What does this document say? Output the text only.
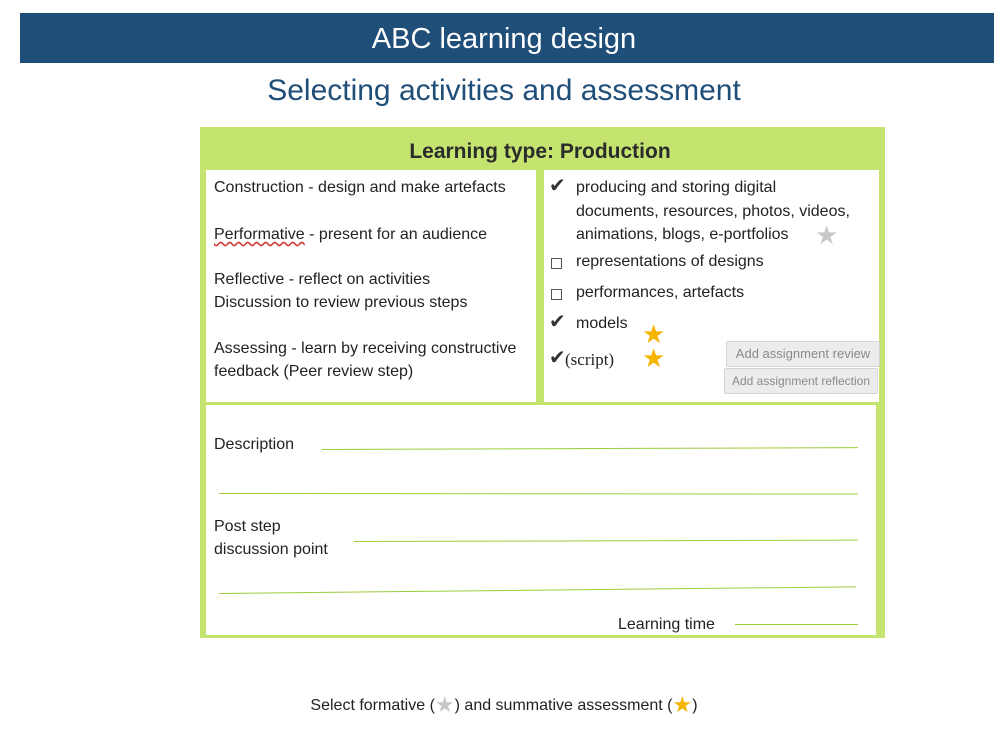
ABC learning design
Selecting activities and assessment
Learning type: Production
Construction - design and make artefacts
Performative - present for an audience
Reflective - reflect on activities
Discussion to review previous steps
Assessing - learn by receiving constructive
feedback (Peer review step)
✔ producing and storing digital
documents, resources, photos, videos,
animations, blogs, e-portfolios ★
representations of designs
performances, artefacts
✔ models ★
✔ (script) ★	Add assignment review
Add assignment reflection
Description
Post step
discussion point
Learning time
Select formative (★) and summative assessment (★)
